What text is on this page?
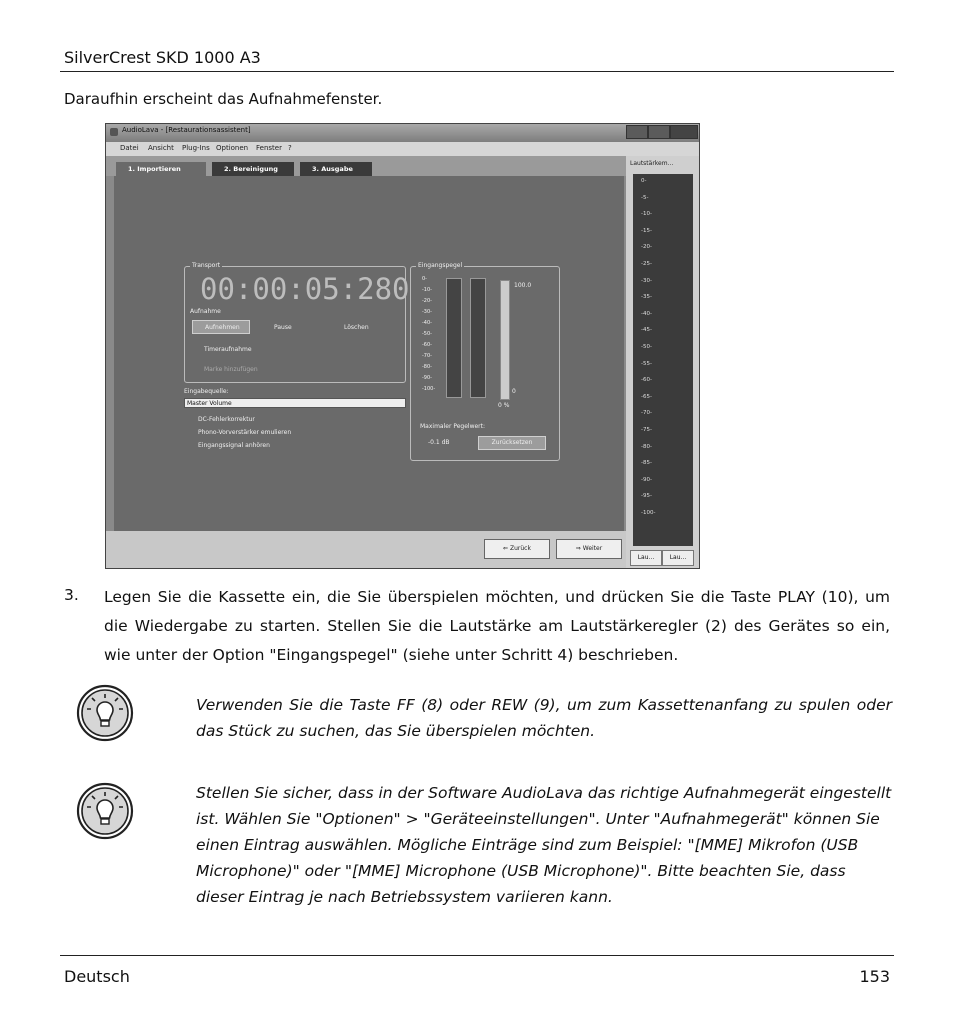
SilverCrest SKD 1000 A3
Daraufhin erscheint das Aufnahmefenster.
AudioLava - [Restaurationsassistent]
Datei Ansicht Plug-Ins Optionen Fenster ?
1. Importieren	2. Bereinigung	3. Ausgabe
Transport
00:00:05:280
Aufnahme
Aufnehmen	Pause	Löschen
Timeraufnahme
Marke hinzufügen
Eingabequelle:
Master Volume
DC-Fehlerkorrektur
Phono-Vorverstärker emulieren
Eingangssignal anhören
Eingangspegel
100.0
0
0 %
Maximaler Pegelwert:
-0.1 dB	Zurücksetzen
0-
-10-
-20-
-30-
-40-
-50-
-60-
-70-
-80-
-90-
-100-
⇐ Zurück	⇒ Weiter
Lautstärkem...
0-
-5-
-10-
-15-
-20-
-25-
-30-
-35-
-40-
-45-
-50-
-55-
-60-
-65-
-70-
-75-
-80-
-85-
-90-
-95-
-100-
Lau...	Lau...
3. Legen Sie die Kassette ein, die Sie überspielen möchten, und drücken Sie die Taste PLAY (10), um die Wiedergabe zu starten. Stellen Sie die Lautstärke am Lautstärkeregler (2) des Gerätes so ein, wie unter der Option "Eingangspegel" (siehe unter Schritt 4) beschrieben.
Verwenden Sie die Taste FF (8) oder REW (9), um zum Kassettenanfang zu spulen oder das Stück zu suchen, das Sie überspielen möchten.
Stellen Sie sicher, dass in der Software AudioLava das richtige Aufnahmegerät eingestellt ist. Wählen Sie "Optionen" > "Geräteeinstellungen". Unter "Aufnahmegerät" können Sie einen Eintrag auswählen. Mögliche Einträge sind zum Beispiel: "[MME] Mikrofon (USB Microphone)" oder "[MME] Microphone (USB Microphone)". Bitte beachten Sie, dass dieser Eintrag je nach Betriebssystem variieren kann.
Deutsch	153
